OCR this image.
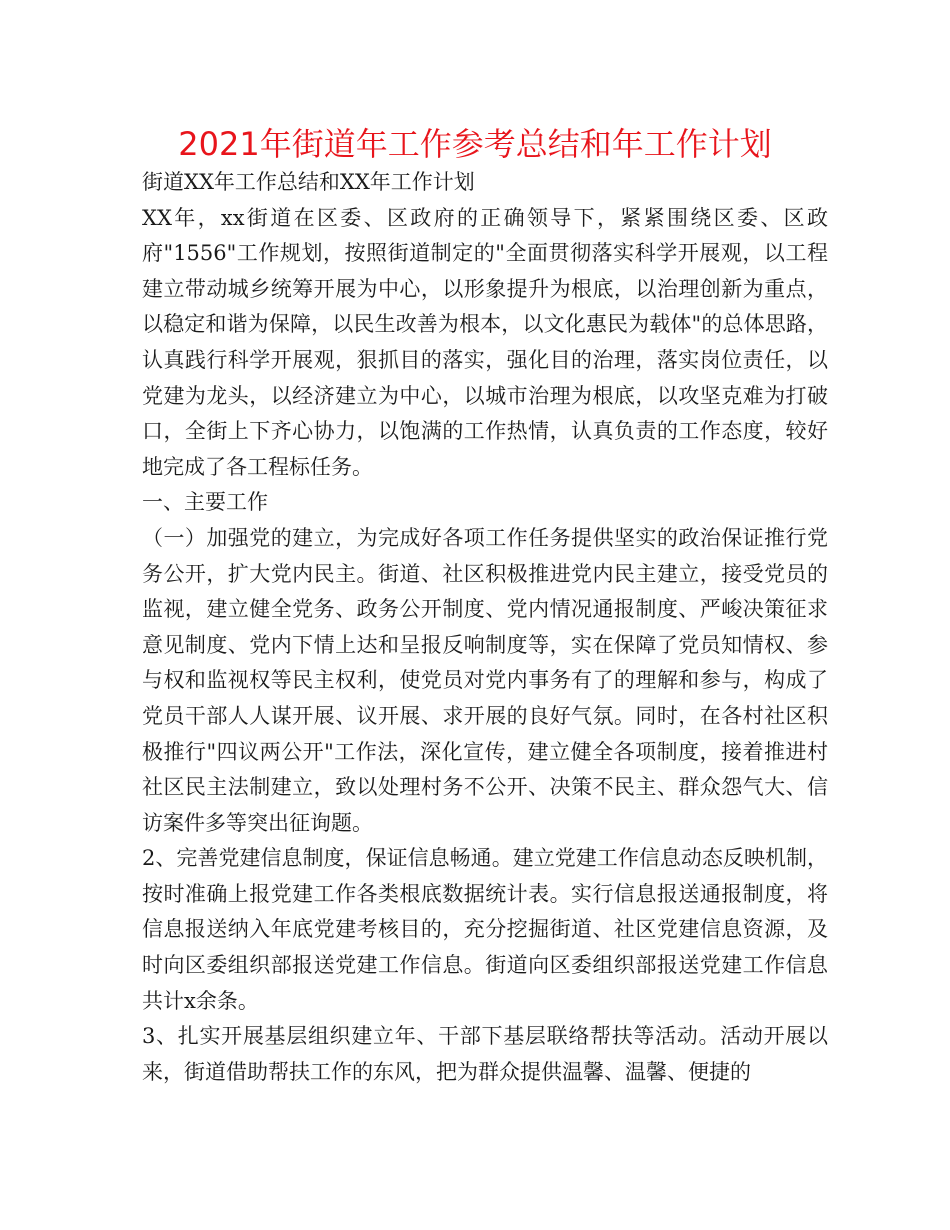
2021年街道年工作参考总结和年工作计划

街道XX年工作总结和XX年工作计划

XX年，xx街道在区委、区政府的正确领导下，紧紧围绕区委、区政府"1556"工作规划，按照街道制定的"全面贯彻落实科学开展观，以工程建立带动城乡统筹开展为中心，以形象提升为根底，以治理创新为重点，以稳定和谐为保障，以民生改善为根本，以文化惠民为载体"的总体思路，认真践行科学开展观，狠抓目的落实，强化目的治理，落实岗位责任，以党建为龙头，以经济建立为中心，以城市治理为根底，以攻坚克难为打破口，全街上下齐心协力，以饱满的工作热情，认真负责的工作态度，较好地完成了各工程标任务。

一、主要工作

（一）加强党的建立，为完成好各项工作任务提供坚实的政治保证推行党务公开，扩大党内民主。街道、社区积极推进党内民主建立，接受党员的监视，建立健全党务、政务公开制度、党内情况通报制度、严峻决策征求意见制度、党内下情上达和呈报反响制度等，实在保障了党员知情权、参与权和监视权等民主权利，使党员对党内事务有了的理解和参与，构成了党员干部人人谋开展、议开展、求开展的良好气氛。同时，在各村社区积极推行"四议两公开"工作法，深化宣传，建立健全各项制度，接着推进村社区民主法制建立，致以处理村务不公开、决策不民主、群众怨气大、信访案件多等突出征询题。

2、完善党建信息制度，保证信息畅通。建立党建工作信息动态反映机制，按时准确上报党建工作各类根底数据统计表。实行信息报送通报制度，将信息报送纳入年底党建考核目的，充分挖掘街道、社区党建信息资源，及时向区委组织部报送党建工作信息。街道向区委组织部报送党建工作信息共计x余条。

3、扎实开展基层组织建立年、干部下基层联络帮扶等活动。活动开展以来，街道借助帮扶工作的东风，把为群众提供温馨、温馨、便捷的
